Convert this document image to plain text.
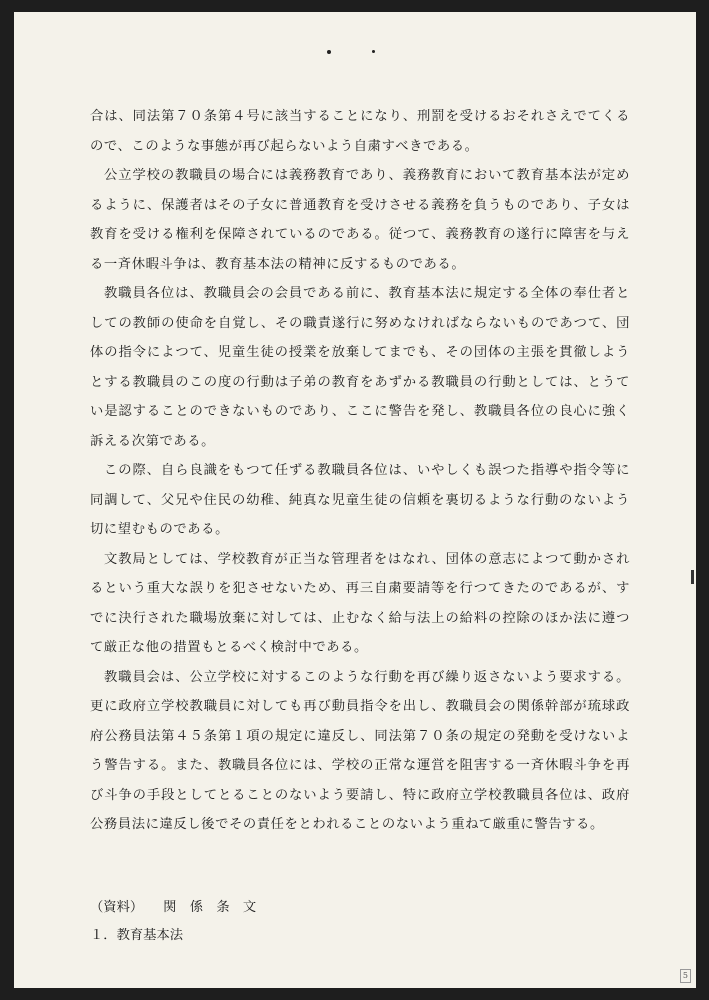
合は、同法第７０条第４号に該当することになり、刑罰を受けるおそれさえでてくるので、このような事態が再び起らないよう自粛すべきである。

公立学校の教職員の場合には義務教育であり、義務教育において教育基本法が定めるように、保護者はその子女に普通教育を受けさせる義務を負うものであり、子女は教育を受ける権利を保障されているのである。従つて、義務教育の遂行に障害を与える一斉休暇斗争は、教育基本法の精神に反するものである。

教職員各位は、教職員会の会員である前に、教育基本法に規定する全体の奉仕者としての教師の使命を自覚し、その職責遂行に努めなければならないものであつて、団体の指令によつて、児童生徒の授業を放棄してまでも、その団体の主張を貫徹しようとする教職員のこの度の行動は子弟の教育をあずかる教職員の行動としては、とうてい是認することのできないものであり、ここに警告を発し、教職員各位の良心に強く訴える次第である。

この際、自ら良識をもつて任ずる教職員各位は、いやしくも誤つた指導や指令等に同調して、父兄や住民の幼稚、純真な児童生徒の信頼を裏切るような行動のないよう切に望むものである。

文教局としては、学校教育が正当な管理者をはなれ、団体の意志によつて動かされるという重大な誤りを犯させないため、再三自粛要請等を行つてきたのであるが、すでに決行された職場放棄に対しては、止むなく給与法上の給料の控除のほか法に遵つて厳正な他の措置もとるべく検討中である。

教職員会は、公立学校に対するこのような行動を再び繰り返さないよう要求する。更に政府立学校教職員に対しても再び動員指令を出し、教職員会の関係幹部が琉球政府公務員法第４５条第１項の規定に違反し、同法第７０条の規定の発動を受けないよう警告する。また、教職員各位には、学校の正常な運営を阻害する一斉休暇斗争を再び斗争の手段としてとることのないよう要請し、特に政府立学校教職員各位は、政府公務員法に違反し後でその責任をとわれることのないよう重ねて厳重に警告する。

（資料）　　関　係　条　文
１．教育基本法
5
